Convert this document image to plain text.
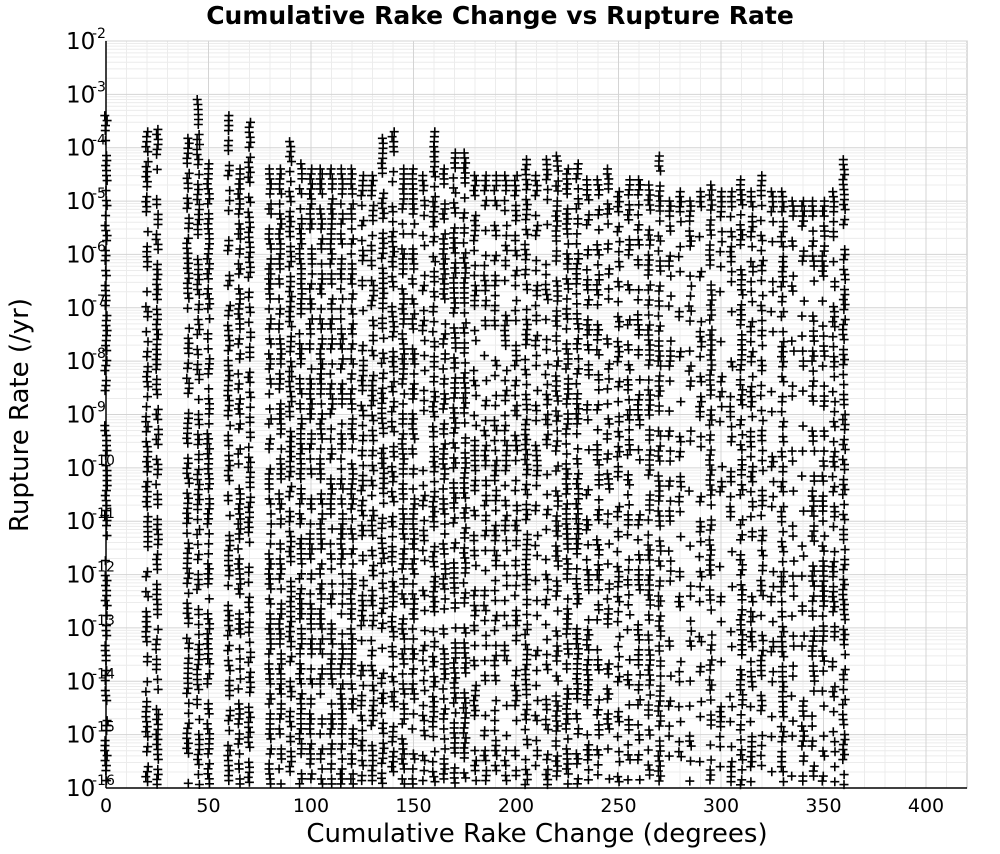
Cumulative Rake Change vs Rupture Rate
0	50	100	150	200	250	300	350	400
10
-2
10
-3
10
-4
10
-5
10
-6
10
-7
10
-8
10
-9
10
-10
10
-11
10
-12
10
-13
10
-14
10
-15
10
-16
Cumulative Rake Change (degrees)
Rupture Rate (/yr)
